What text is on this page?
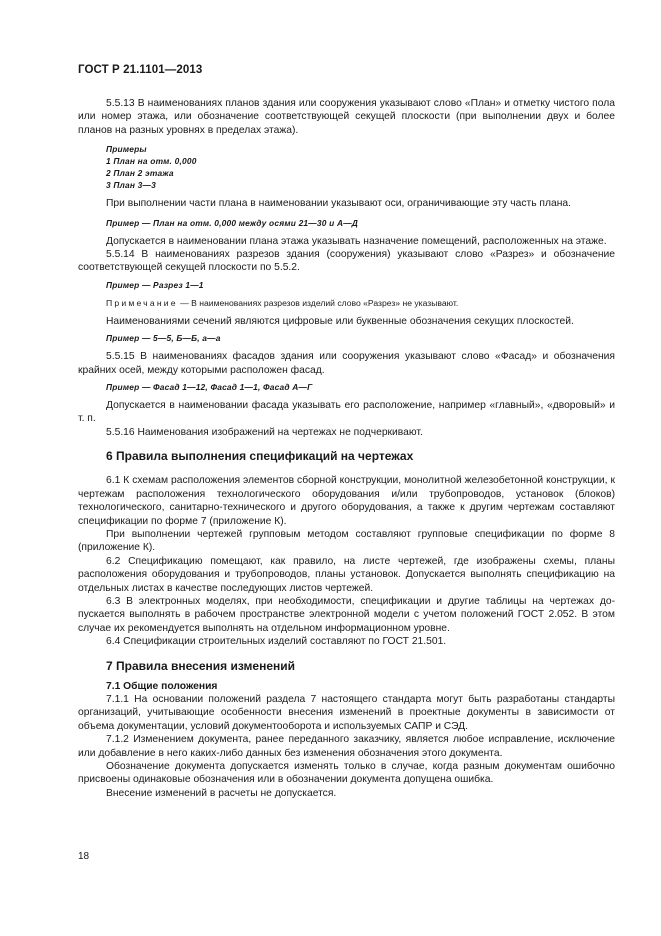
ГОСТ Р 21.1101—2013

5.5.13 В наименованиях планов здания или сооружения указывают слово «План» и отметку чистого пола или номер этажа, или обозначение соответствующей секущей плоскости (при выполнении двух и более планов на разных уровнях в пределах этажа).

Примеры

1 План на отм. 0,000

2 План 2 этажа

3 План 3—3

При выполнении части плана в наименовании указывают оси, ограничивающие эту часть плана.

Пример — План на отм. 0,000 между осями 21—30 и А—Д

Допускается в наименовании плана этажа указывать назначение помещений, расположенных на этаже.

5.5.14 В наименованиях разрезов здания (сооружения) указывают слово «Разрез» и обозначение соответствующей секущей плоскости по 5.5.2.

Пример — Разрез 1—1

Примечание — В наименованиях разрезов изделий слово «Разрез» не указывают.

Наименованиями сечений являются цифровые или буквенные обозначения секущих плоскостей.

Пример — 5—5, Б—Б, а—а

5.5.15 В наименованиях фасадов здания или сооружения указывают слово «Фасад» и обозначения крайних осей, между которыми расположен фасад.

Пример — Фасад 1—12, Фасад 1—1, Фасад А—Г

Допускается в наименовании фасада указывать его расположение, например «главный», «дворовый» и т. п.

5.5.16 Наименования изображений на чертежах не подчеркивают.

6 Правила выполнения спецификаций на чертежах

6.1 К схемам расположения элементов сборной конструкции, монолитной железобетонной конструкции, к чертежам расположения технологического оборудования и/или трубопроводов, установок (блоков) технологического, санитарно-технического и другого оборудования, а также к другим чертежам составляют спецификации по форме 7 (приложение К).

При выполнении чертежей групповым методом составляют групповые спецификации по форме 8 (приложение К).

6.2 Спецификацию помещают, как правило, на листе чертежей, где изображены схемы, планы расположения оборудования и трубопроводов, планы установок. Допускается выполнять спецификацию на отдельных листах в качестве последующих листов чертежей.

6.3 В электронных моделях, при необходимости, спецификации и другие таблицы на чертежах допускается выполнять в рабочем пространстве электронной модели с учетом положений ГОСТ 2.052. В этом случае их рекомендуется выполнять на отдельном информационном уровне.

6.4 Спецификации строительных изделий составляют по ГОСТ 21.501.

7 Правила внесения изменений

7.1 Общие положения

7.1.1 На основании положений раздела 7 настоящего стандарта могут быть разработаны стандарты организаций, учитывающие особенности внесения изменений в проектные документы в зависимости от объема документации, условий документооборота и используемых САПР и СЭД.

7.1.2 Изменением документа, ранее переданного заказчику, является любое исправление, исключение или добавление в него каких-либо данных без изменения обозначения этого документа.

Обозначение документа допускается изменять только в случае, когда разным документам ошибочно присвоены одинаковые обозначения или в обозначении документа допущена ошибка.

Внесение изменений в расчеты не допускается.

18
